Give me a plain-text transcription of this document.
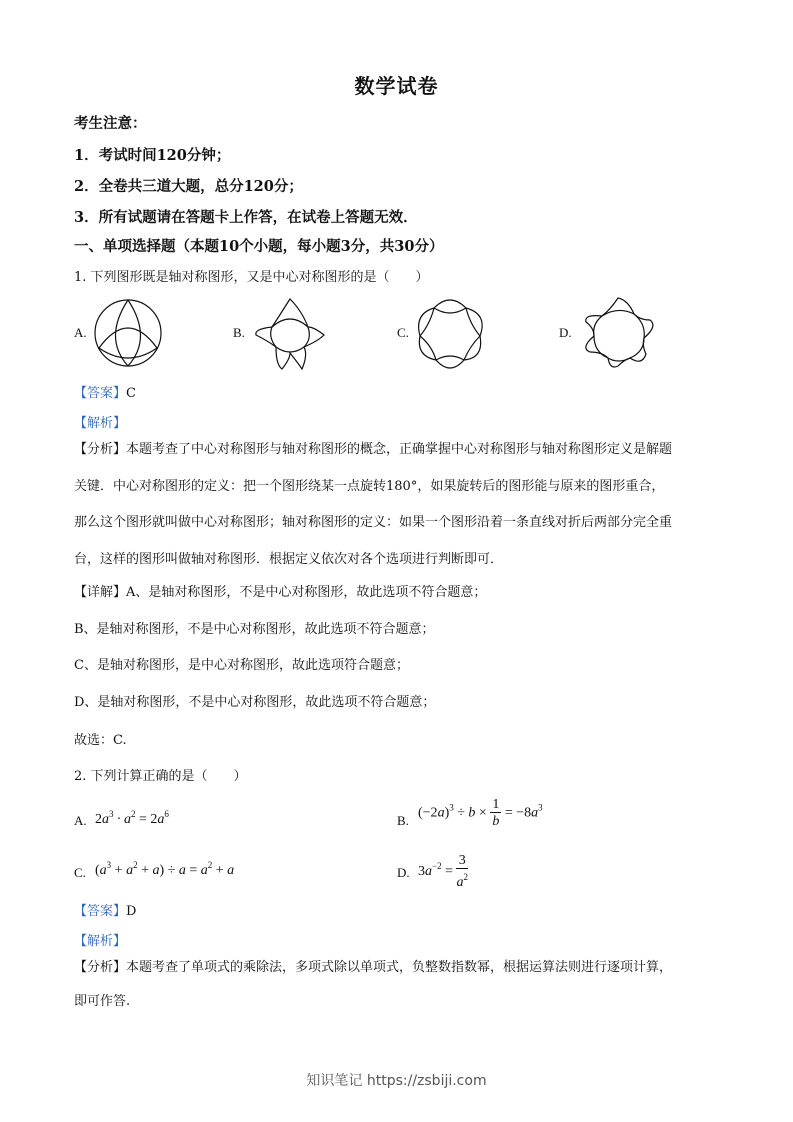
数学试卷
考生注意：
1．考试时间120分钟；
2．全卷共三道大题，总分120分；
3．所有试题请在答题卡上作答，在试卷上答题无效．
一、单项选择题（本题10个小题，每小题3分，共30分）
1. 下列图形既是轴对称图形，又是中心对称图形的是（　　）
A.	B.	C.	D.
【答案】C
【解析】
【分析】本题考查了中心对称图形与轴对称图形的概念，正确掌握中心对称图形与轴对称图形定义是解题
关键．中心对称图形的定义：把一个图形绕某一点旋转180°，如果旋转后的图形能与原来的图形重合，
那么这个图形就叫做中心对称图形；轴对称图形的定义：如果一个图形沿着一条直线对折后两部分完全重
台，这样的图形叫做轴对称图形．根据定义依次对各个选项进行判断即可．
【详解】A、是轴对称图形，不是中心对称图形，故此选项不符合题意；
B、是轴对称图形，不是中心对称图形，故此选项不符合题意；
C、是轴对称图形，是中心对称图形，故此选项符合题意；
D、是轴对称图形，不是中心对称图形，故此选项不符合题意；
故选：C.
2. 下列计算正确的是（　　）
A. $2a^3 \cdot a^2 = 2a^6$	B. $(-2a)^3 \div b \times \frac{1}{b} = -8a^3$
C. $(a^3 + a^2 + a) \div a = a^2 + a$	D. $3a^{-2} = \frac{3}{a^2}$
【答案】D
【解析】
【分析】本题考查了单项式的乘除法，多项式除以单项式，负整数指数幂，根据运算法则进行逐项计算，
即可作答.
知识笔记 https://zsbiji.com
